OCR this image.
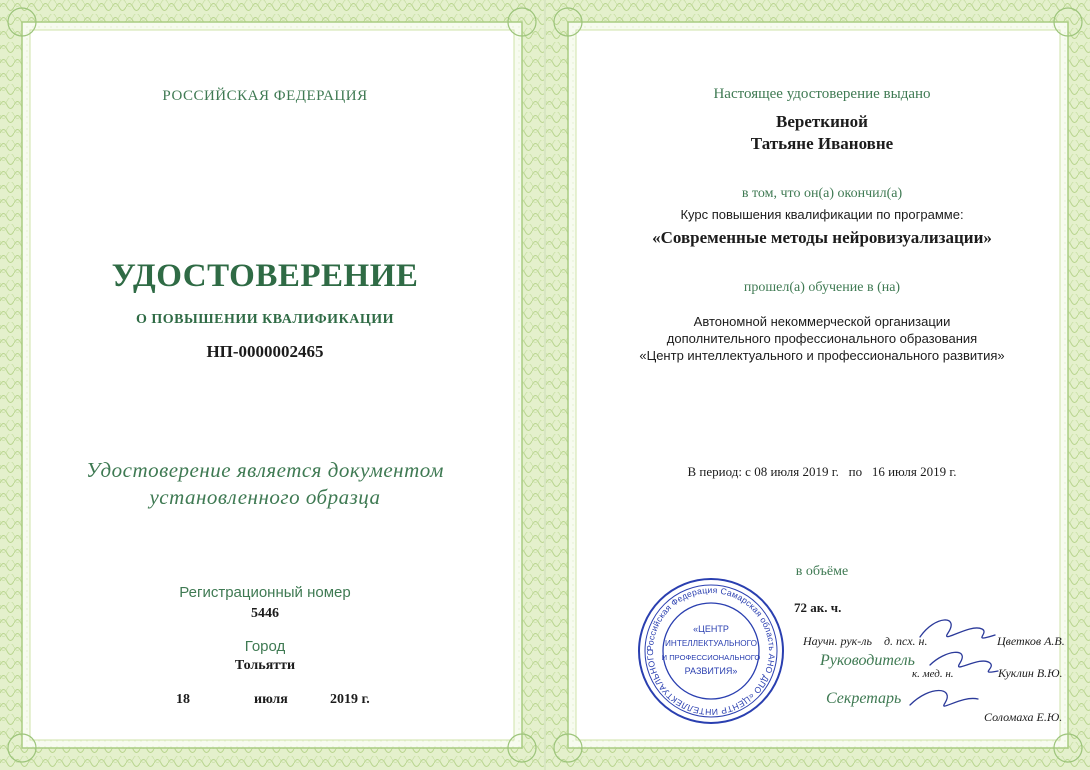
РОССИЙСКАЯ ФЕДЕРАЦИЯ
УДОСТОВЕРЕНИЕ
О ПОВЫШЕНИИ КВАЛИФИКАЦИИ
НП-0000002465
Удостоверение является документом
установленного образца
Регистрационный номер
5446
Город
Тольятти
18	июля	2019 г.
Настоящее удостоверение выдано
Вереткиной
Татьяне Ивановне
в том, что он(а) окончил(а)
Курс повышения квалификации по программе:
«Современные методы нейровизуализации»
прошел(а) обучение в (на)
Автономной некоммерческой организации
дополнительного профессионального образования
«Центр интеллектуального и профессионального развития»
В период: с 08 июля 2019 г.   по   16 июля 2019 г.
в объёме
72 ак. ч.
Научн. рук-ль    д. псх. н.	Цветков А.В.
Руководитель
к. мед. н.	Куклин В.Ю.
Секретарь
Соломаха Е.Ю.
Российская Федерация Самарская область АНО ДПО «ЦЕНТР ИНТЕЛЛЕКТУАЛЬНОГО
«ЦЕНТР
ИНТЕЛЛЕКТУАЛЬНОГО
И ПРОФЕССИОНАЛЬНОГО
РАЗВИТИЯ»
